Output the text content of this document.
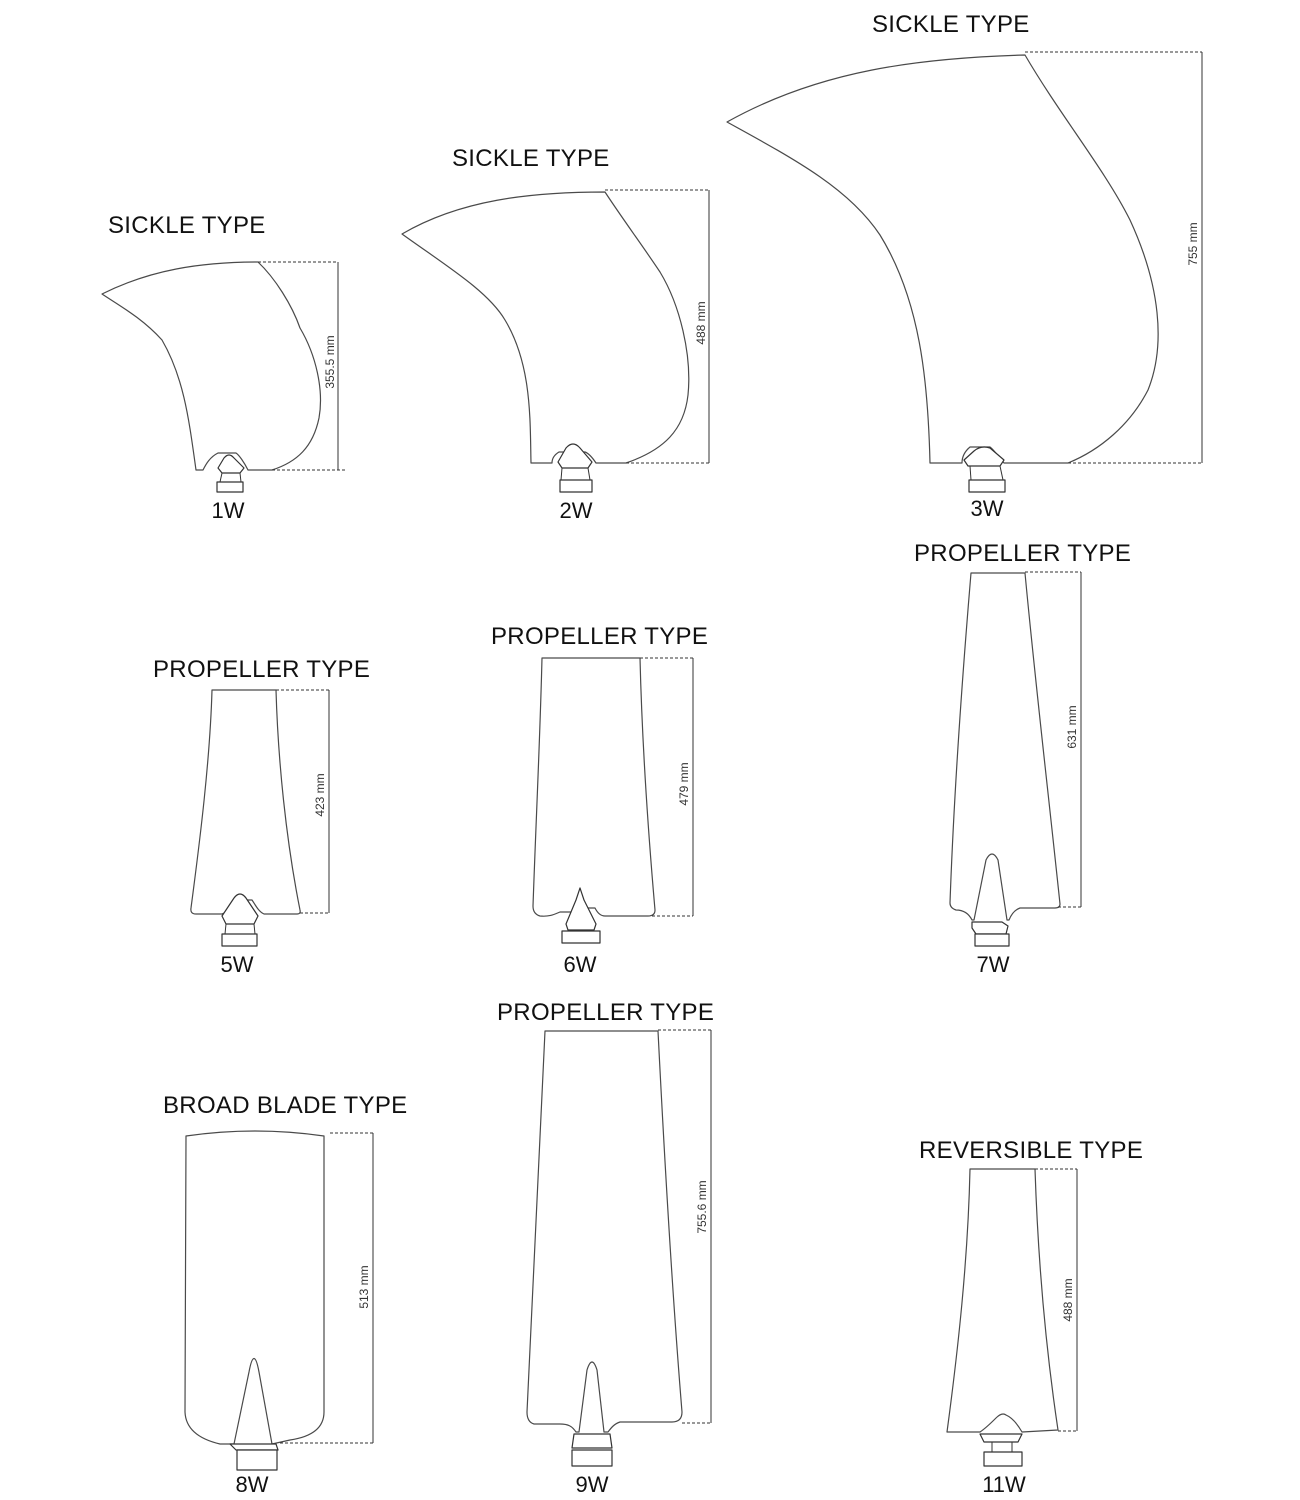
SICKLE TYPE
355.5 mm
1W
SICKLE TYPE
488 mm
2W
SICKLE TYPE
755 mm
3W
PROPELLER TYPE
423 mm
5W
PROPELLER TYPE
479 mm
6W
PROPELLER TYPE
631 mm
7W
BROAD BLADE TYPE
513 mm
8W
PROPELLER TYPE
755.6 mm
9W
REVERSIBLE TYPE
488 mm
11W
